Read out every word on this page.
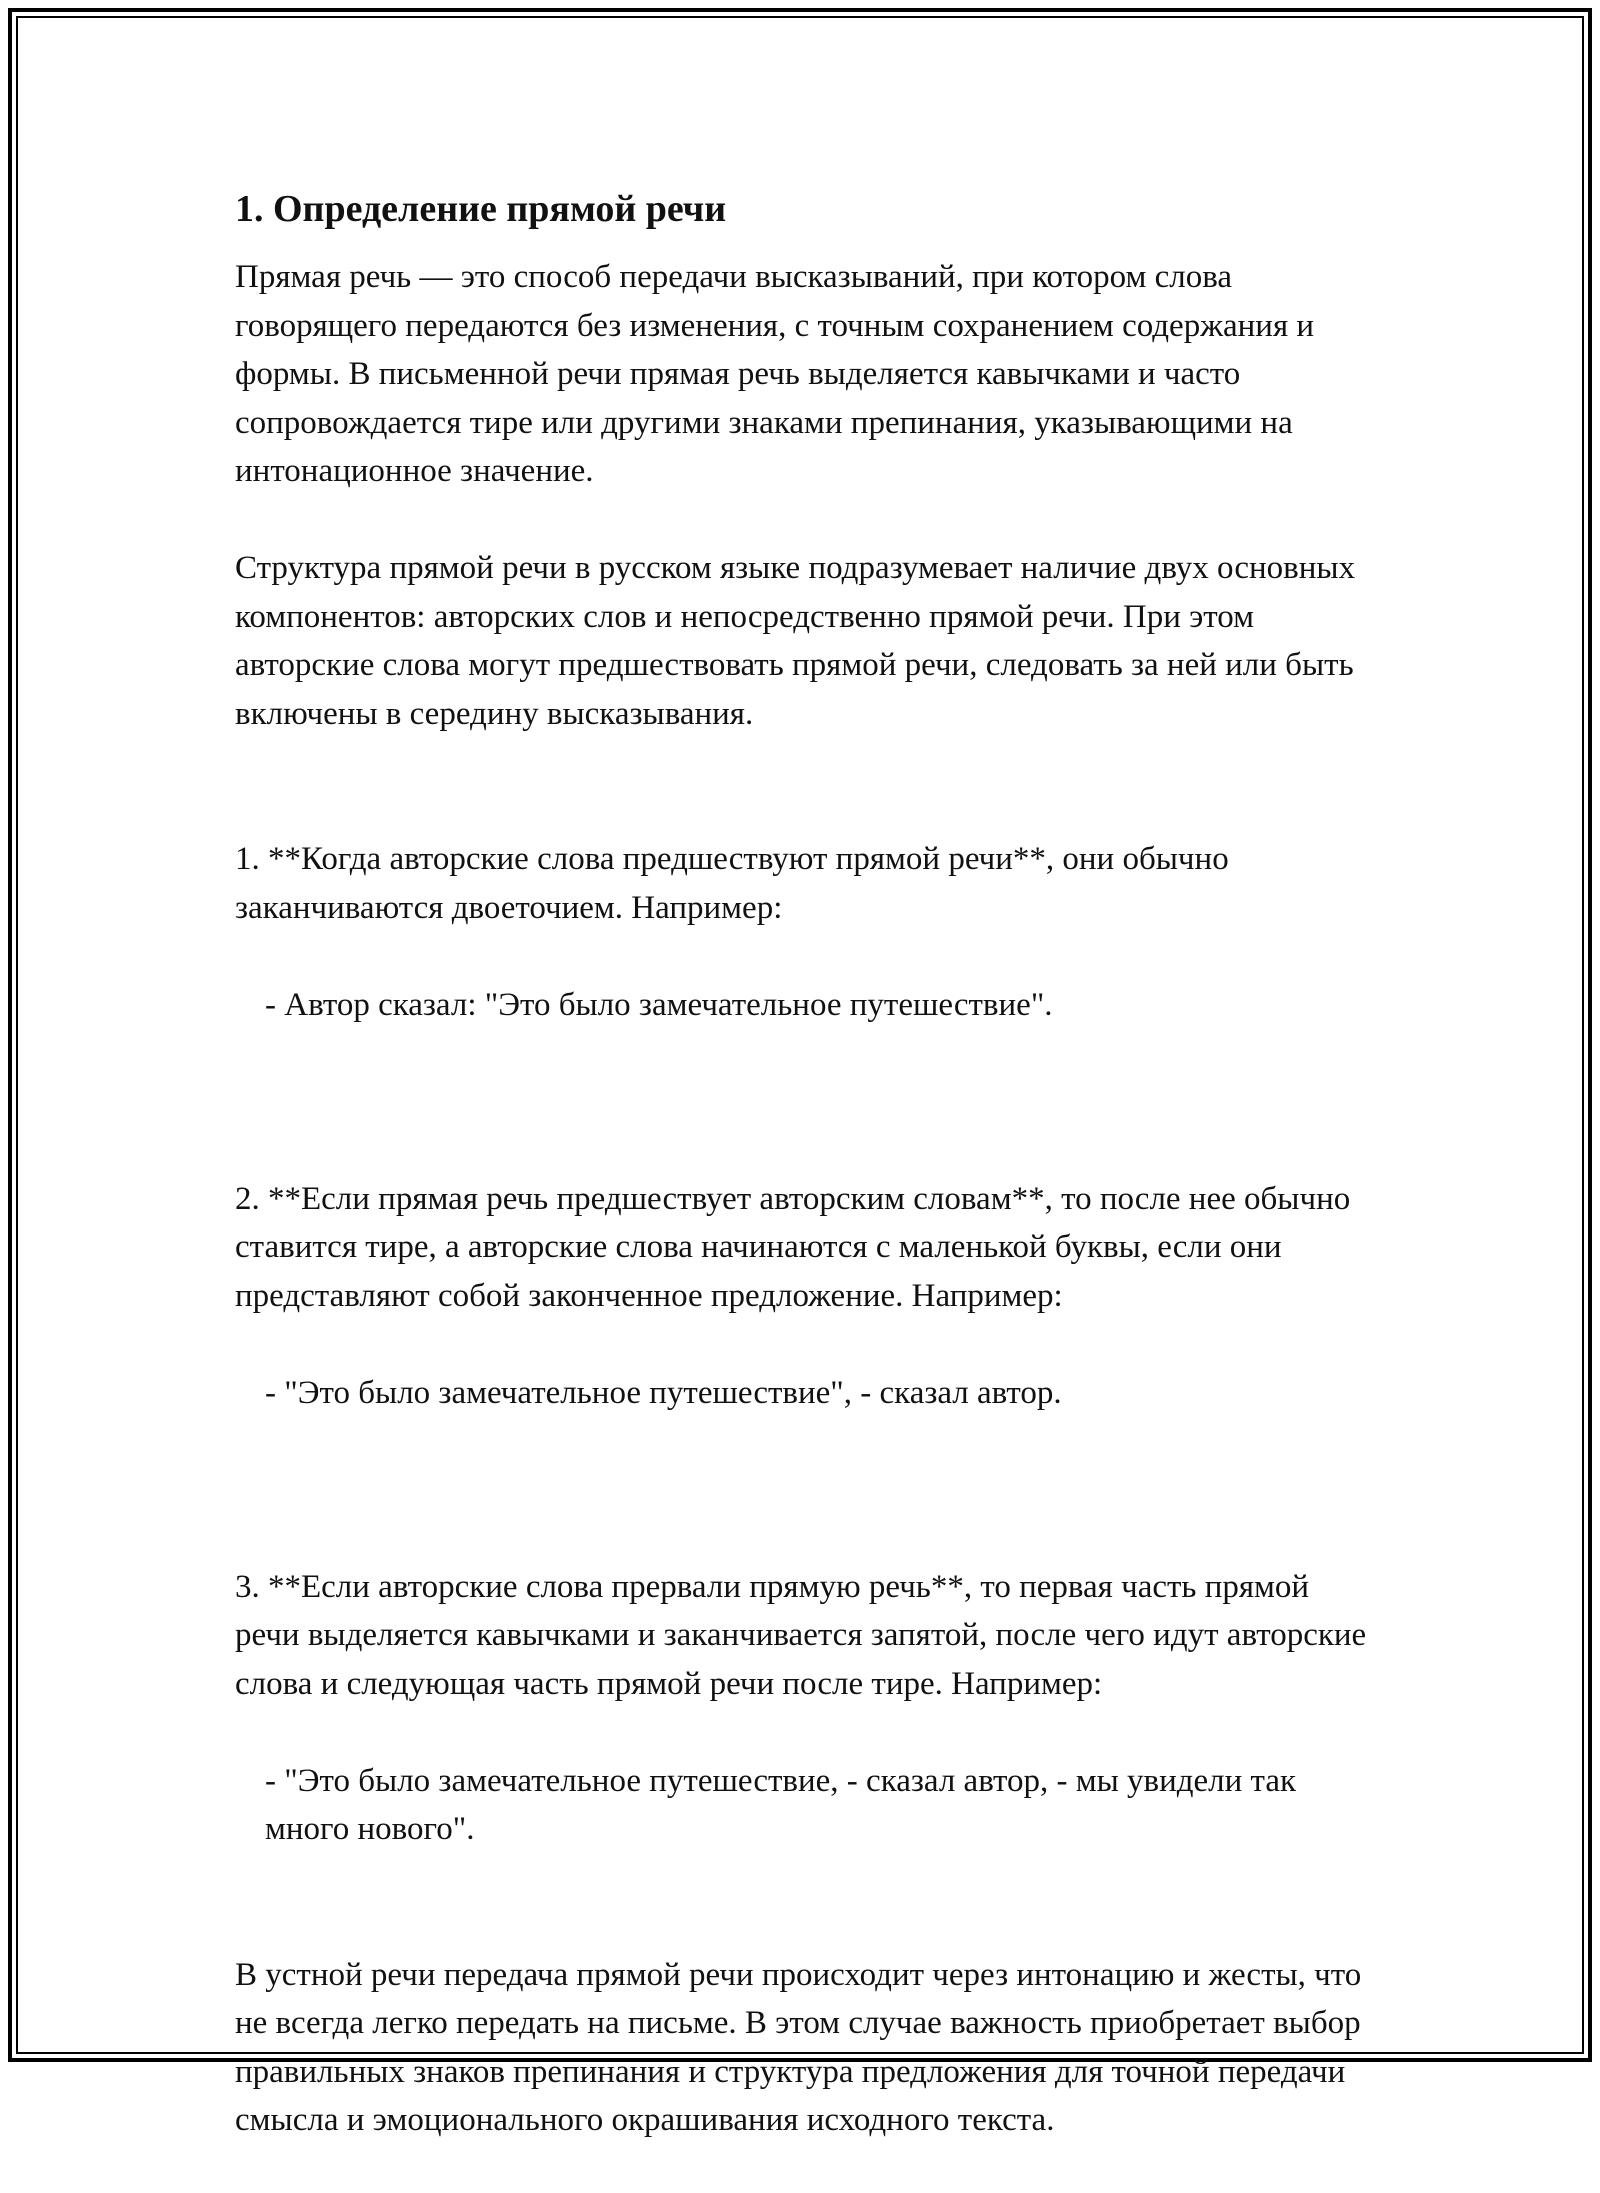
1. Определение прямой речи
Прямая речь — это способ передачи высказываний, при котором слова говорящего передаются без изменения, с точным сохранением содержания и формы. В письменной речи прямая речь выделяется кавычками и часто сопровождается тире или другими знаками препинания, указывающими на интонационное значение.
Структура прямой речи в русском языке подразумевает наличие двух основных компонентов: авторских слов и непосредственно прямой речи. При этом авторские слова могут предшествовать прямой речи, следовать за ней или быть включены в середину высказывания.

1. **Когда авторские слова предшествуют прямой речи**, они обычно заканчиваются двоеточием. Например:

- Автор сказал: "Это было замечательное путешествие".

2. **Если прямая речь предшествует авторским словам**, то после нее обычно ставится тире, а авторские слова начинаются с маленькой буквы, если они представляют собой законченное предложение. Например:

- "Это было замечательное путешествие", - сказал автор.

3. **Если авторские слова прервали прямую речь**, то первая часть прямой речи выделяется кавычками и заканчивается запятой, после чего идут авторские слова и следующая часть прямой речи после тире. Например:

- "Это было замечательное путешествие, - сказал автор, - мы увидели так много нового".

В устной речи передача прямой речи происходит через интонацию и жесты, что не всегда легко передать на письме. В этом случае важность приобретает выбор правильных знаков препинания и структура предложения для точной передачи смысла и эмоционального окрашивания исходного текста.
